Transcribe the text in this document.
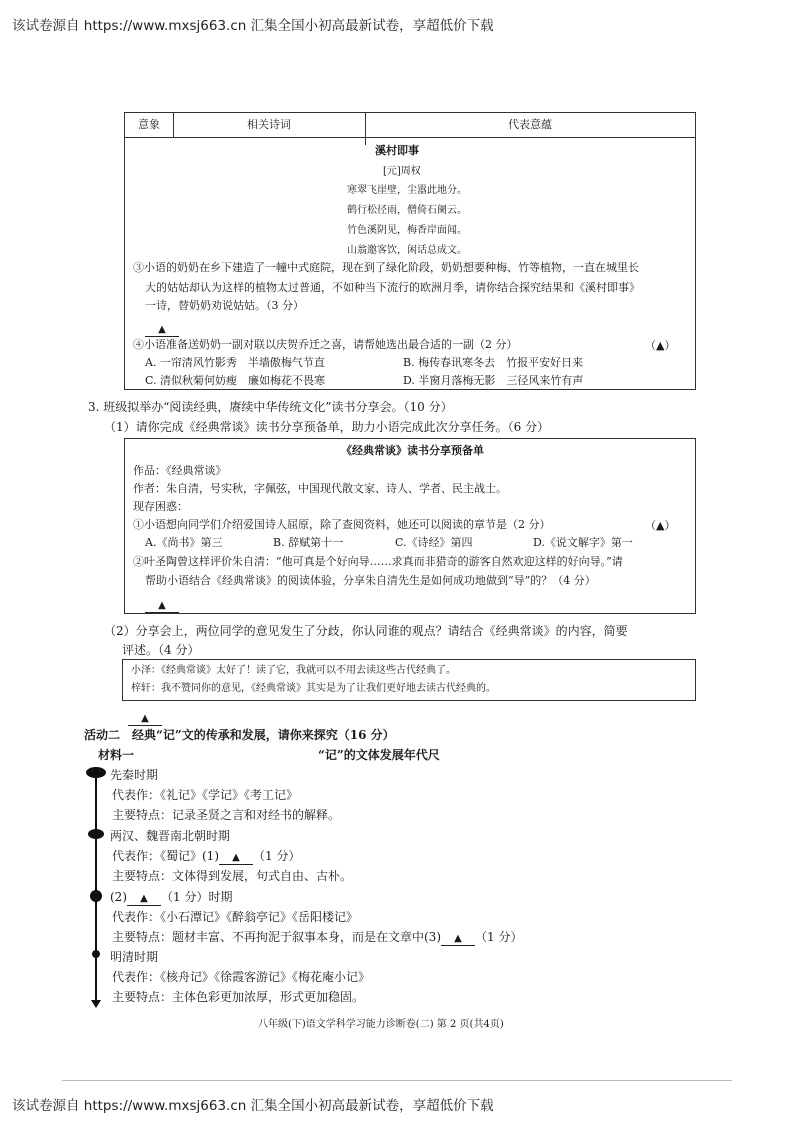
该试卷源自 https://www.mxsj663.cn 汇集全国小初高最新试卷，享超低价下载
意象	相关诗词	代表意蕴
溪村即事
[元]周权
寒翠飞崖壁，尘嚣此地分。
鹤行松径雨，僧倚石阑云。
竹色溪阴见，梅香岸面闻。
山翁邀客饮，闲话总成文。
③小语的奶奶在乡下建造了一幢中式庭院，现在到了绿化阶段，奶奶想要种梅、竹等植物，一直在城里长
大的姑姑却认为这样的植物太过普通，不如种当下流行的欧洲月季，请你结合探究结果和《溪村即事》
一诗，替奶奶劝说姑姑。（3 分）
▲
④小语准备送奶奶一副对联以庆贺乔迁之喜，请帮她选出最合适的一副（2 分）	（▲）
A. 一帘清风竹影秀　半墙傲梅气节直	B. 梅传春讯寒冬去　竹报平安好日来
C. 清似秋菊何妨瘦　廉如梅花不畏寒	D. 半窗月落梅无影　三径风来竹有声
3. 班级拟举办“阅读经典，赓续中华传统文化”读书分享会。（10 分）
（1）请你完成《经典常谈》读书分享预备单，助力小语完成此次分享任务。（6 分）
《经典常谈》读书分享预备单
作品：《经典常谈》
作者：朱自清，号实秋，字佩弦，中国现代散文家、诗人、学者、民主战士。
现存困惑：
①小语想向同学们介绍爱国诗人屈原，除了查阅资料，她还可以阅读的章节是（2 分）	（▲）
A.《尚书》第三	B. 辞赋第十一	C.《诗经》第四	D.《说文解字》第一
②叶圣陶曾这样评价朱自清：“他可真是个好向导……求真而非猎奇的游客自然欢迎这样的好向导。”请
帮助小语结合《经典常谈》的阅读体验，分享朱自清先生是如何成功地做到“导”的？（4 分）
▲
（2）分享会上，两位同学的意见发生了分歧，你认同谁的观点？请结合《经典常谈》的内容，简要
评述。（4 分）
小泽：《经典常谈》太好了！读了它，我就可以不用去读这些古代经典了。
梓轩：我不赞同你的意见，《经典常谈》其实是为了让我们更好地去读古代经典的。
▲
活动二　经典“记”文的传承和发展，请你来探究（16 分）
材料一	“记”的文体发展年代尺
先秦时期
代表作：《礼记》《学记》《考工记》
主要特点：记录圣贤之言和对经书的解释。
两汉、魏晋南北朝时期
代表作：《蜀记》(1) ▲ （1 分）
主要特点：文体得到发展，句式自由、古朴。
(2) ▲ （1 分）时期
代表作：《小石潭记》《醉翁亭记》《岳阳楼记》
主要特点：题材丰富、不再拘泥于叙事本身，而是在文章中(3) ▲ （1 分）
明清时期
代表作：《核舟记》《徐霞客游记》《梅花庵小记》
主要特点：主体色彩更加浓厚，形式更加稳固。
八年级(下)语文学科学习能力诊断卷(二) 第 2 页(共4页)
该试卷源自 https://www.mxsj663.cn 汇集全国小初高最新试卷，享超低价下载
